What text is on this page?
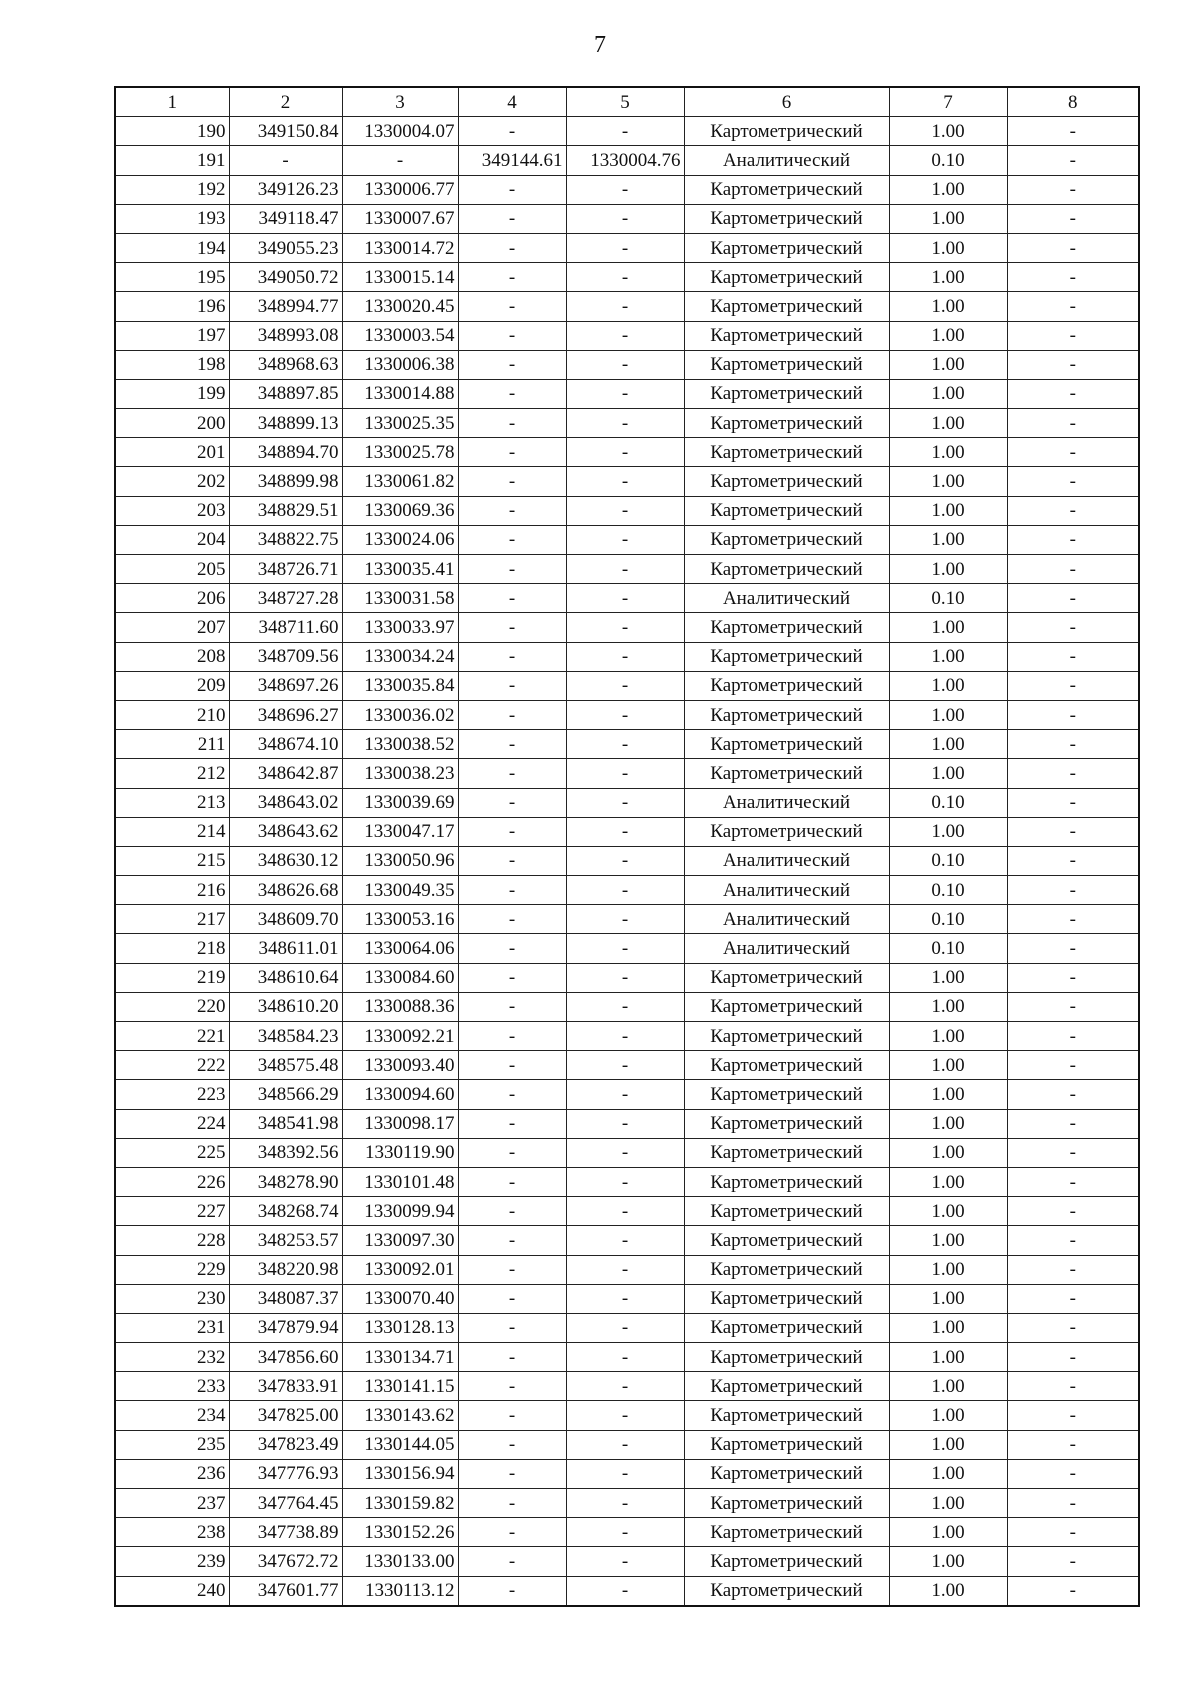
7
1	2	3	4	5	6	7	8
190	349150.84	1330004.07	-	-	Картометрический	1.00	-
191	-	-	349144.61	1330004.76	Аналитический	0.10	-
192	349126.23	1330006.77	-	-	Картометрический	1.00	-
193	349118.47	1330007.67	-	-	Картометрический	1.00	-
194	349055.23	1330014.72	-	-	Картометрический	1.00	-
195	349050.72	1330015.14	-	-	Картометрический	1.00	-
196	348994.77	1330020.45	-	-	Картометрический	1.00	-
197	348993.08	1330003.54	-	-	Картометрический	1.00	-
198	348968.63	1330006.38	-	-	Картометрический	1.00	-
199	348897.85	1330014.88	-	-	Картометрический	1.00	-
200	348899.13	1330025.35	-	-	Картометрический	1.00	-
201	348894.70	1330025.78	-	-	Картометрический	1.00	-
202	348899.98	1330061.82	-	-	Картометрический	1.00	-
203	348829.51	1330069.36	-	-	Картометрический	1.00	-
204	348822.75	1330024.06	-	-	Картометрический	1.00	-
205	348726.71	1330035.41	-	-	Картометрический	1.00	-
206	348727.28	1330031.58	-	-	Аналитический	0.10	-
207	348711.60	1330033.97	-	-	Картометрический	1.00	-
208	348709.56	1330034.24	-	-	Картометрический	1.00	-
209	348697.26	1330035.84	-	-	Картометрический	1.00	-
210	348696.27	1330036.02	-	-	Картометрический	1.00	-
211	348674.10	1330038.52	-	-	Картометрический	1.00	-
212	348642.87	1330038.23	-	-	Картометрический	1.00	-
213	348643.02	1330039.69	-	-	Аналитический	0.10	-
214	348643.62	1330047.17	-	-	Картометрический	1.00	-
215	348630.12	1330050.96	-	-	Аналитический	0.10	-
216	348626.68	1330049.35	-	-	Аналитический	0.10	-
217	348609.70	1330053.16	-	-	Аналитический	0.10	-
218	348611.01	1330064.06	-	-	Аналитический	0.10	-
219	348610.64	1330084.60	-	-	Картометрический	1.00	-
220	348610.20	1330088.36	-	-	Картометрический	1.00	-
221	348584.23	1330092.21	-	-	Картометрический	1.00	-
222	348575.48	1330093.40	-	-	Картометрический	1.00	-
223	348566.29	1330094.60	-	-	Картометрический	1.00	-
224	348541.98	1330098.17	-	-	Картометрический	1.00	-
225	348392.56	1330119.90	-	-	Картометрический	1.00	-
226	348278.90	1330101.48	-	-	Картометрический	1.00	-
227	348268.74	1330099.94	-	-	Картометрический	1.00	-
228	348253.57	1330097.30	-	-	Картометрический	1.00	-
229	348220.98	1330092.01	-	-	Картометрический	1.00	-
230	348087.37	1330070.40	-	-	Картометрический	1.00	-
231	347879.94	1330128.13	-	-	Картометрический	1.00	-
232	347856.60	1330134.71	-	-	Картометрический	1.00	-
233	347833.91	1330141.15	-	-	Картометрический	1.00	-
234	347825.00	1330143.62	-	-	Картометрический	1.00	-
235	347823.49	1330144.05	-	-	Картометрический	1.00	-
236	347776.93	1330156.94	-	-	Картометрический	1.00	-
237	347764.45	1330159.82	-	-	Картометрический	1.00	-
238	347738.89	1330152.26	-	-	Картометрический	1.00	-
239	347672.72	1330133.00	-	-	Картометрический	1.00	-
240	347601.77	1330113.12	-	-	Картометрический	1.00	-
